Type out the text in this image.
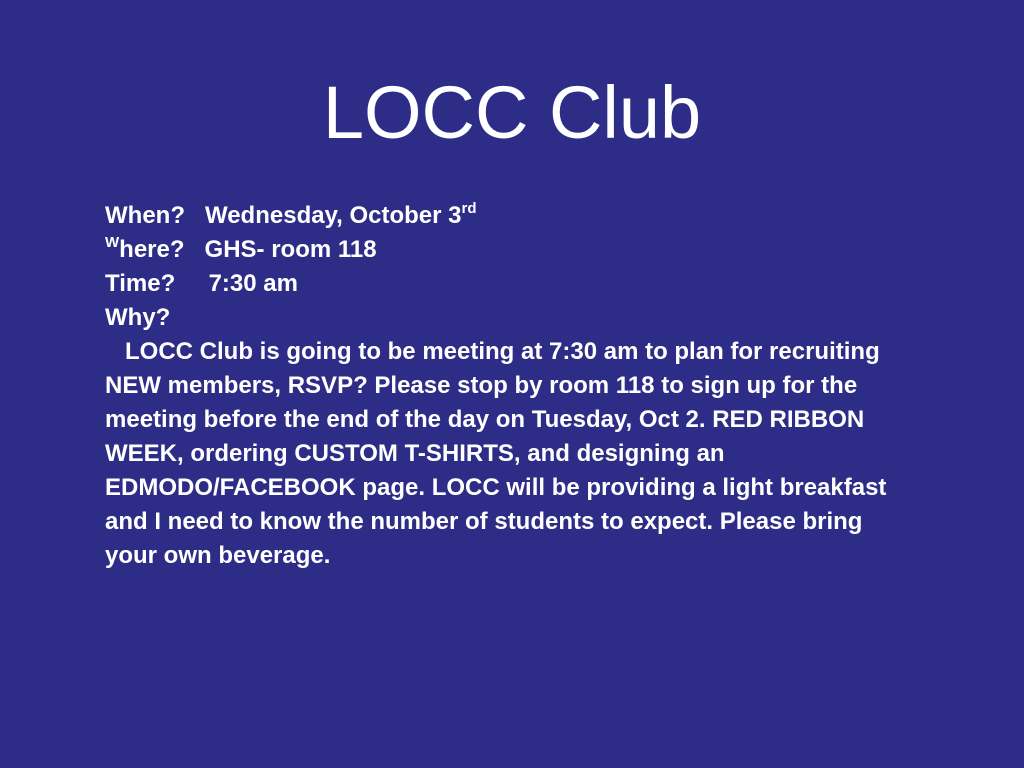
LOCC Club
When?   Wednesday, October 3rd
$^W$here?   GHS- room 118
Time?     7:30 am
Why?
LOCC Club is going to be meeting at 7:30 am to plan for recruiting NEW members, RSVP? Please stop by room 118 to sign up for the meeting before the end of the day on Tuesday, Oct 2. RED RIBBON WEEK, ordering CUSTOM T-SHIRTS, and designing an EDMODO/FACEBOOK page. LOCC will be providing a light breakfast and I need to know the number of students to expect. Please bring your own beverage.
